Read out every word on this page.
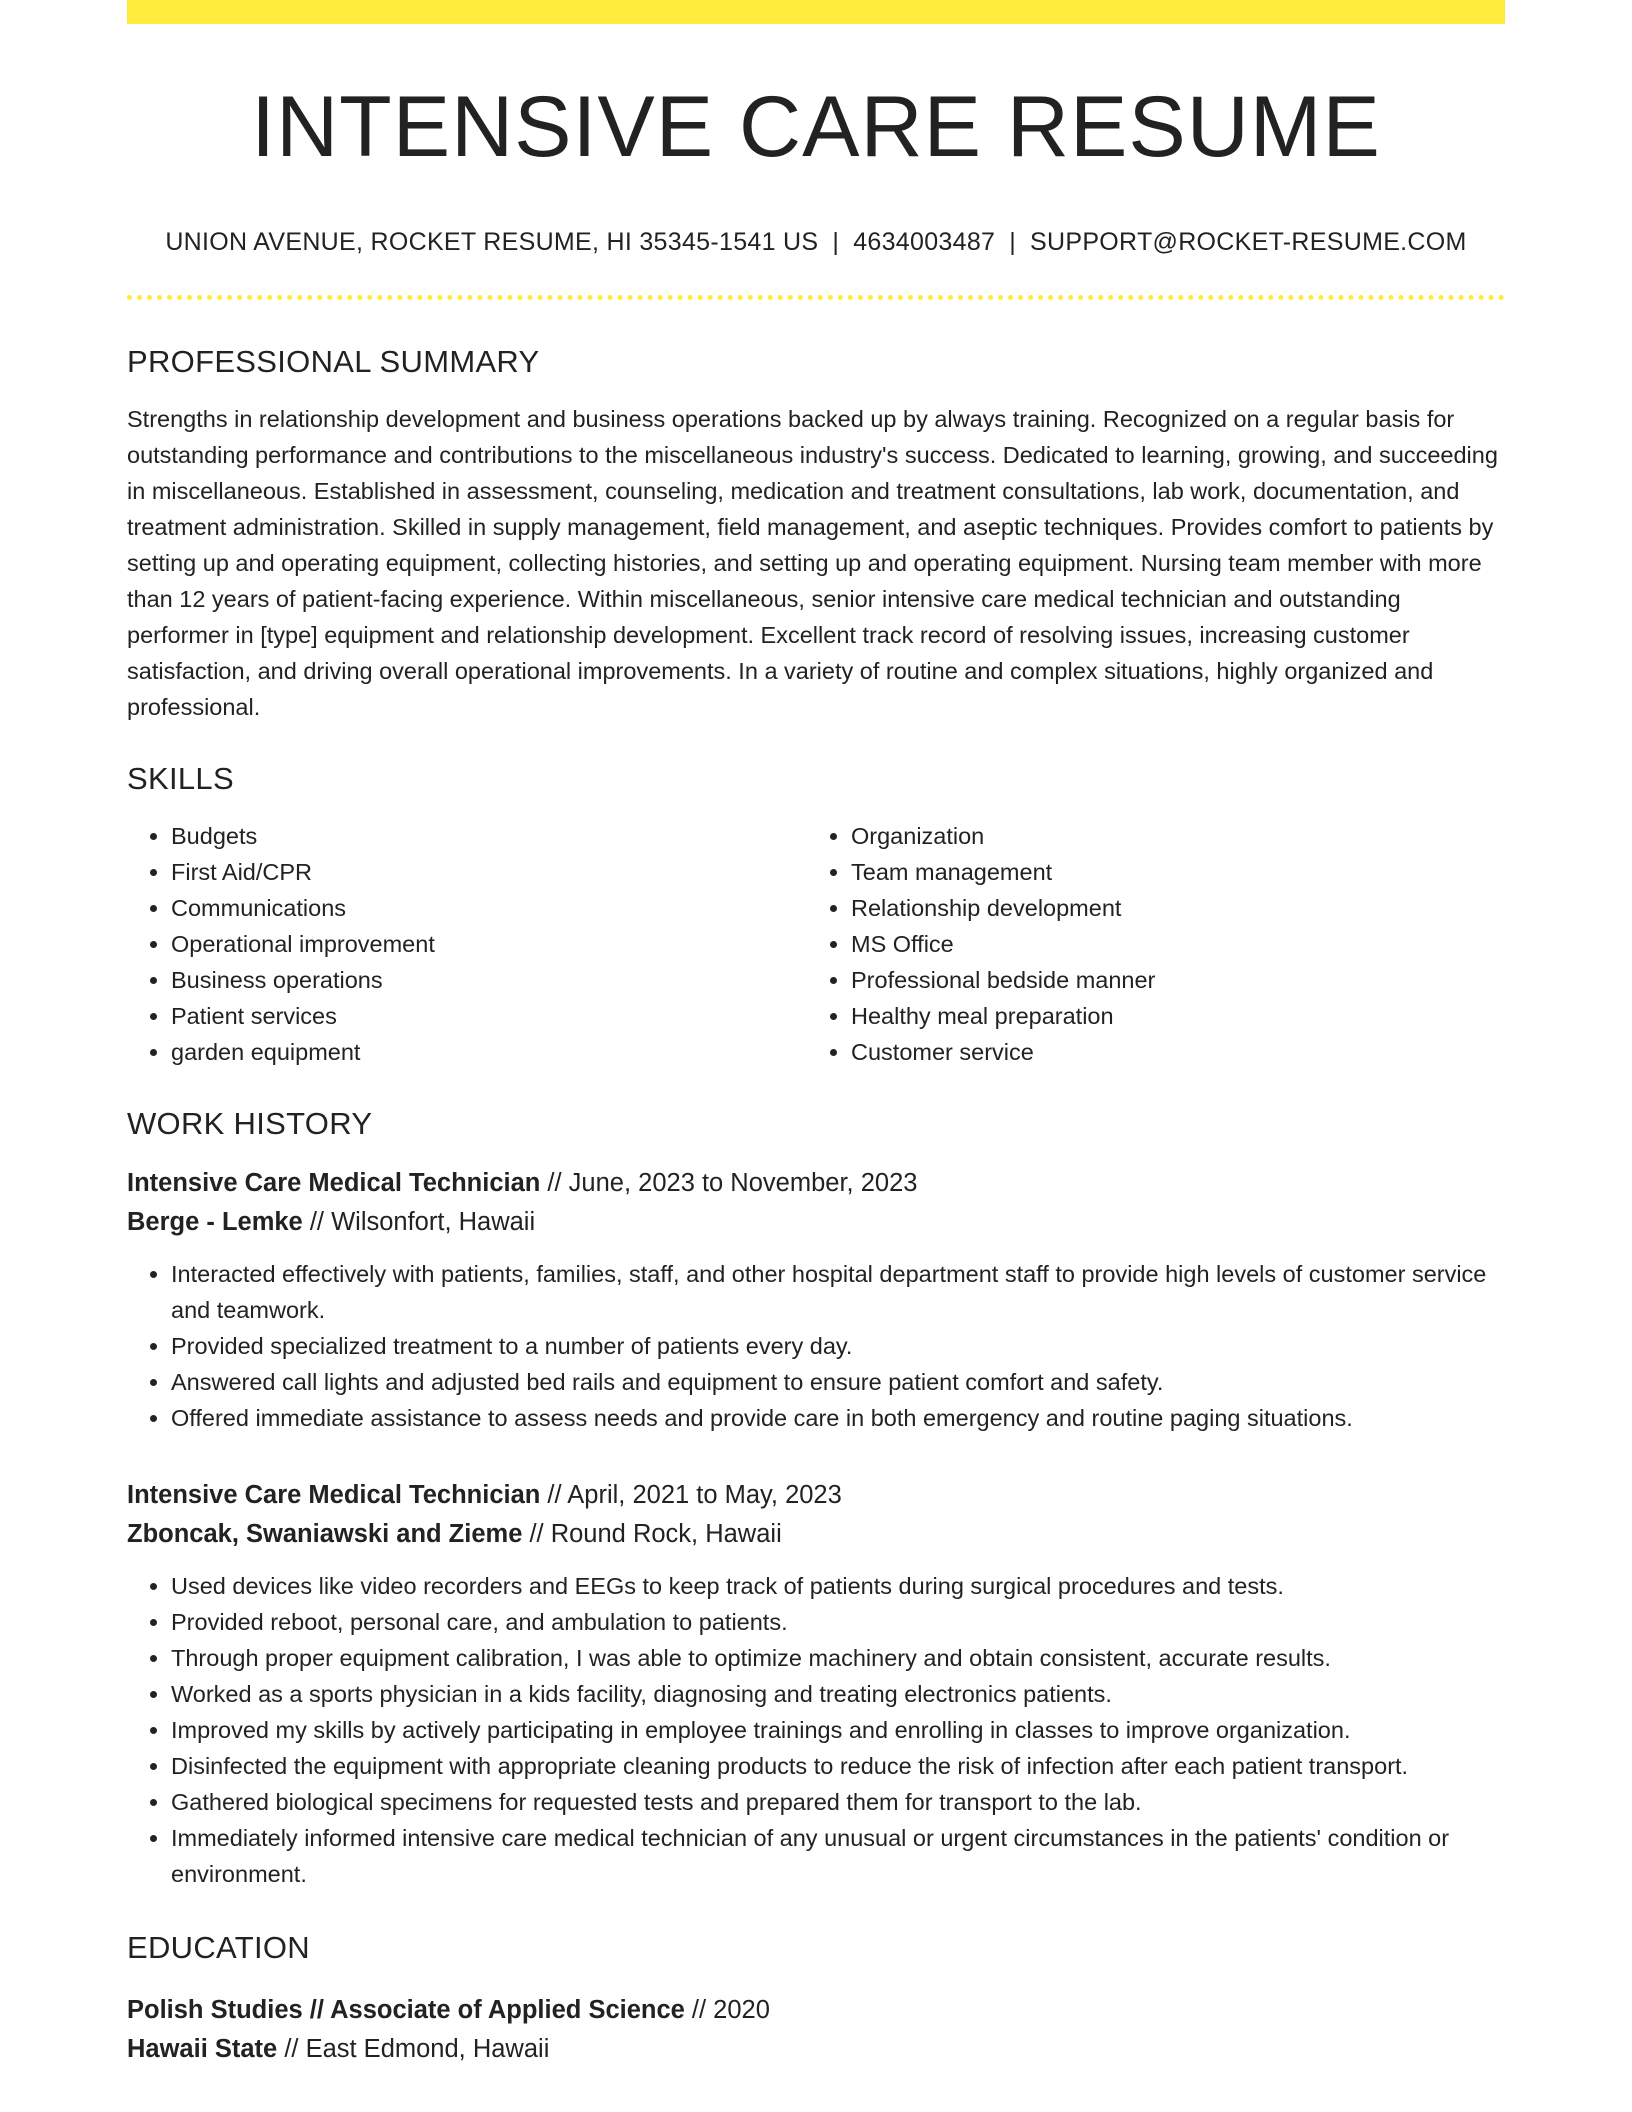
INTENSIVE CARE RESUME
UNION AVENUE, ROCKET RESUME, HI 35345-1541 US | 4634003487 | SUPPORT@ROCKET-RESUME.COM
PROFESSIONAL SUMMARY
Strengths in relationship development and business operations backed up by always training. Recognized on a regular basis for outstanding performance and contributions to the miscellaneous industry's success. Dedicated to learning, growing, and succeeding in miscellaneous. Established in assessment, counseling, medication and treatment consultations, lab work, documentation, and treatment administration. Skilled in supply management, field management, and aseptic techniques. Provides comfort to patients by setting up and operating equipment, collecting histories, and setting up and operating equipment. Nursing team member with more than 12 years of patient-facing experience. Within miscellaneous, senior intensive care medical technician and outstanding performer in [type] equipment and relationship development. Excellent track record of resolving issues, increasing customer satisfaction, and driving overall operational improvements. In a variety of routine and complex situations, highly organized and professional.
SKILLS
• Budgets
• First Aid/CPR
• Communications
• Operational improvement
• Business operations
• Patient services
• garden equipment
• Organization
• Team management
• Relationship development
• MS Office
• Professional bedside manner
• Healthy meal preparation
• Customer service
WORK HISTORY
Intensive Care Medical Technician // June, 2023 to November, 2023
Berge - Lemke // Wilsonfort, Hawaii
• Interacted effectively with patients, families, staff, and other hospital department staff to provide high levels of customer service and teamwork.
• Provided specialized treatment to a number of patients every day.
• Answered call lights and adjusted bed rails and equipment to ensure patient comfort and safety.
• Offered immediate assistance to assess needs and provide care in both emergency and routine paging situations.
Intensive Care Medical Technician // April, 2021 to May, 2023
Zboncak, Swaniawski and Zieme // Round Rock, Hawaii
• Used devices like video recorders and EEGs to keep track of patients during surgical procedures and tests.
• Provided reboot, personal care, and ambulation to patients.
• Through proper equipment calibration, I was able to optimize machinery and obtain consistent, accurate results.
• Worked as a sports physician in a kids facility, diagnosing and treating electronics patients.
• Improved my skills by actively participating in employee trainings and enrolling in classes to improve organization.
• Disinfected the equipment with appropriate cleaning products to reduce the risk of infection after each patient transport.
• Gathered biological specimens for requested tests and prepared them for transport to the lab.
• Immediately informed intensive care medical technician of any unusual or urgent circumstances in the patients' condition or environment.
EDUCATION
Polish Studies // Associate of Applied Science // 2020
Hawaii State // East Edmond, Hawaii
